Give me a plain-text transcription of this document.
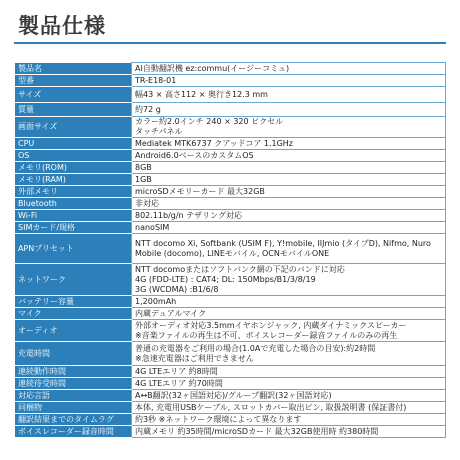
製品仕様
製品名	AI自動翻訳機 ez:commu(イージーコミュ)

型番	TR-E18-01

サイズ	幅43 × 高さ112 × 奥行き12.3 mm

質量	約72 g

画面サイズ	カラー約2.0インチ 240 × 320 ピクセル
タッチパネル

CPU	Mediatek MTK6737 クアッドコア 1.1GHz

OS	Android6.0ベースのカスタムOS

メモリ(ROM)	8GB

メモリ(RAM)	1GB

外部メモリ	microSDメモリーカード 最大32GB

Bluetooth	非対応

Wi-Fi	802.11b/g/n テザリング対応

SIMカード/規格	nanoSIM

APNプリセット	NTT docomo Xi, Softbank (USIM F), Y!mobile, IIJmio (タイプD), Nifmo, Nuro
Mobile (docomo), LINEモバイル, OCNモバイルONE

ネットワーク	NTT docomoまたはソフトバンク網の下記のバンドに対応
4G (FDD-LTE) : CAT4; DL: 150Mbps/B1/3/8/19
3G (WCDMA) :B1/6/8

バッテリー容量	1,200mAh

マイク	内蔵デュアルマイク

オーディオ	外部オーディオ対応3.5mmイヤホンジャック, 内蔵ダイナミックスピーカー
※音楽ファイルの再生は不可、ボイスレコーダー録音ファイルのみの再生

充電時間	普通の充電器をご利用の場合(1.0Aで充電した場合の目安):約2時間
※急速充電器はご利用できません

連続動作時間	4G LTEエリア 約8時間

連続待受時間	4G LTEエリア 約70時間

対応言語	A↔B翻訳(32ヶ国語対応)/グループ翻訳(32ヶ国語対応)

同梱物	本体, 充電用USBケーブル, スロットカバー取出ピン, 取扱説明書 (保証書付)

翻訳結果までのタイムラグ	約3秒 ※ネットワーク環境によって異なります

ボイスレコーダー録音時間	内蔵メモリ 約35時間/microSDカード 最大32GB使用時 約380時間
